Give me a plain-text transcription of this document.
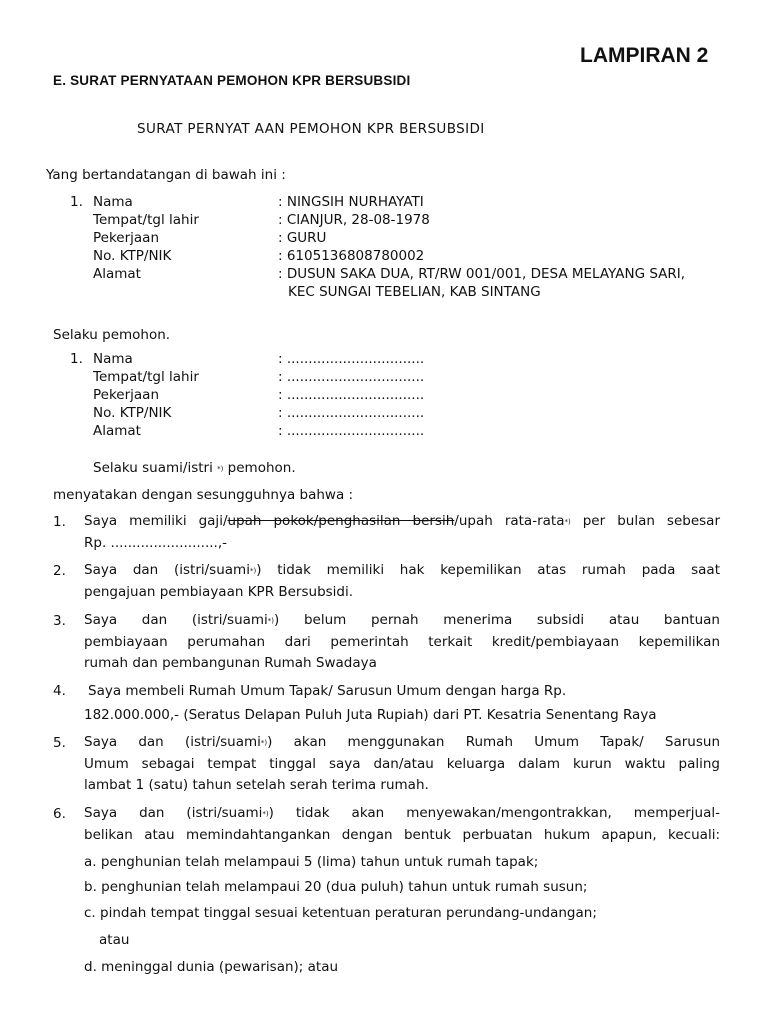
LAMPIRAN 2
E. SURAT PERNYATAAN PEMOHON KPR BERSUBSIDI
SURAT PERNYAT AAN PEMOHON KPR BERSUBSIDI
Yang bertandatangan di bawah ini :
1. Nama	: NINGSIH NURHAYATI
Tempat/tgl lahir	: CIANJUR, 28-08-1978
Pekerjaan	: GURU
No. KTP/NIK	: 6105136808780002
Alamat	: DUSUN SAKA DUA, RT/RW 001/001, DESA MELAYANG SARI,
KEC SUNGAI TEBELIAN, KAB SINTANG
Selaku pemohon.
1. Nama	: ................................
Tempat/tgl lahir	: ................................
Pekerjaan	: ................................
No. KTP/NIK	: ................................
Alamat	: ................................
Selaku suami/istri *) pemohon.
menyatakan dengan sesungguhnya bahwa :
1. Saya memiliki gaji/upah pokok/penghasilan bersih/upah rata-rata*) per bulan sebesar
Rp. .........................,-
2. Saya dan (istri/suami*)) tidak memiliki hak kepemilikan atas rumah pada saat
pengajuan pembiayaan KPR Bersubsidi.
3. Saya dan (istri/suami*)) belum pernah menerima subsidi atau bantuan
pembiayaan perumahan dari pemerintah terkait kredit/pembiayaan kepemilikan
rumah dan pembangunan Rumah Swadaya
4. Saya membeli Rumah Umum Tapak/ Sarusun Umum dengan harga Rp.
182.000.000,- (Seratus Delapan Puluh Juta Rupiah) dari PT. Kesatria Senentang Raya
5. Saya dan (istri/suami*)) akan menggunakan Rumah Umum Tapak/ Sarusun
Umum sebagai tempat tinggal saya dan/atau keluarga dalam kurun waktu paling
lambat 1 (satu) tahun setelah serah terima rumah.
6. Saya dan (istri/suami*)) tidak akan menyewakan/mengontrakkan, memperjual-
belikan atau memindahtangankan dengan bentuk perbuatan hukum apapun, kecuali:
a. penghunian telah melampaui 5 (lima) tahun untuk rumah tapak;
b. penghunian telah melampaui 20 (dua puluh) tahun untuk rumah susun;
c. pindah tempat tinggal sesuai ketentuan peraturan perundang-undangan;
atau
d. meninggal dunia (pewarisan); atau
